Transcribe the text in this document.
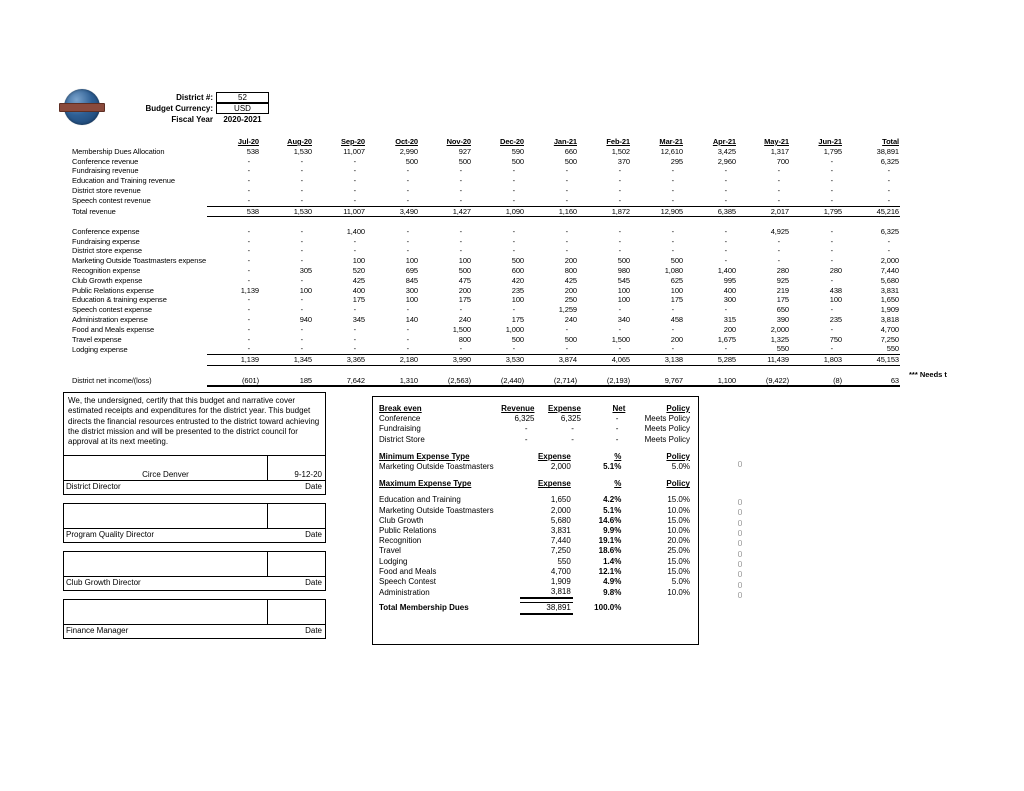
District #:	52
Budget Currency:	USD
Fiscal Year	2020-2021
	Jul-20	Aug-20	Sep-20	Oct-20	Nov-20	Dec-20	Jan-21	Feb-21	Mar-21	Apr-21	May-21	Jun-21	Total
Membership Dues Allocation	538	1,530	11,007	2,990	927	590	660	1,502	12,610	3,425	1,317	1,795	38,891
Conference revenue	-	-	-	500	500	500	500	370	295	2,960	700	-	6,325
Fundraising revenue	-	-	-	-	-	-	-	-	-	-	-	-	-
Education and Training revenue	-	-	-	-	-	-	-	-	-	-	-	-	-
District store revenue	-	-	-	-	-	-	-	-	-	-	-	-	-
Speech contest revenue	-	-	-	-	-	-	-	-	-	-	-	-	-
Total revenue	538	1,530	11,007	3,490	1,427	1,090	1,160	1,872	12,905	6,385	2,017	1,795	45,216

Conference expense	-	-	1,400	-	-	-	-	-	-	-	4,925	-	6,325
Fundraising expense	-	-	-	-	-	-	-	-	-	-	-	-	-
District store expense	-	-	-	-	-	-	-	-	-	-	-	-	-
Marketing Outside Toastmasters expense	-	-	100	100	100	500	200	500	500	-	-	-	2,000
Recognition expense	-	305	520	695	500	600	800	980	1,080	1,400	280	280	7,440
Club Growth expense	-	-	425	845	475	420	425	545	625	995	925	-	5,680
Public Relations expense	1,139	100	400	300	200	235	200	100	100	400	219	438	3,831
Education & training expense	-	-	175	100	175	100	250	100	175	300	175	100	1,650
Speech contest expense	-	-	-	-	-	-	1,259	-	-	-	650	-	1,909
Administration expense	-	940	345	140	240	175	240	340	458	315	390	235	3,818
Food and Meals expense	-	-	-	-	1,500	1,000	-	-	-	200	2,000	-	4,700
Travel expense	-	-	-	-	800	500	500	1,500	200	1,675	1,325	750	7,250
Lodging expense	-	-	-	-	-	-	-	-	-	-	550	-	550
	1,139	1,345	3,365	2,180	3,990	3,530	3,874	4,065	3,138	5,285	11,439	1,803	45,153

District net income/(loss)	(601)	185	7,642	1,310	(2,563)	(2,440)	(2,714)	(2,193)	9,767	1,100	(9,422)	(8)	63
*** Needs t
We, the undersigned, certify that this budget and narrative cover estimated receipts and expenditures for the district year. This budget directs the financial resources entrusted to the district toward achieving the district mission and will be presented to the district council for approval at its next meeting.
Circe Denver	9-12-20
District Director	Date
Program Quality Director	Date
Club Growth Director	Date
Finance Manager	Date
Break even	Revenue	Expense	Net	Policy
Conference	6,325	6,325	-	Meets Policy
Fundraising	-	-	-	Meets Policy
District Store	-	-	-	Meets Policy
Minimum Expense Type	Expense	%	Policy
Marketing Outside Toastmasters	2,000	5.1%	5.0%
Maximum Expense Type	Expense	%	Policy

Education and Training	1,650	4.2%	15.0%
Marketing Outside Toastmasters	2,000	5.1%	10.0%
Club Growth	5,680	14.6%	15.0%
Public Relations	3,831	9.9%	10.0%
Recognition	7,440	19.1%	20.0%
Travel	7,250	18.6%	25.0%
Lodging	550	1.4%	15.0%
Food and Meals	4,700	12.1%	15.0%
Speech Contest	1,909	4.9%	5.0%
Administration	3,818	9.8%	10.0%

Total Membership Dues	38,891	100.0%	
0
0
0
0
0
0
0
0
0
0
0
